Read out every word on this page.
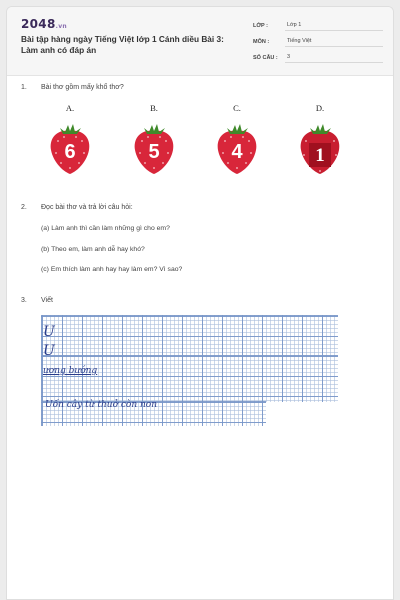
2048.vn
Bài tập hàng ngày Tiếng Việt lớp 1 Cánh diều Bài 3: Làm anh có đáp án
LỚP :	Lớp 1
MÔN :	Tiếng Việt
SỐ CÂU :	3
1. Bài thơ gồm mấy khổ thơ?
A.
6
B.
5
C.
4
D.
1
2. Đọc bài thơ và trả lời câu hỏi:
(a) Làm anh thì cần làm những gì cho em?
(b) Theo em, làm anh dễ hay khó?
(c) Em thích làm anh hay hay làm em? Vì sao?
3. Viết
U
U
ương bướng
Uốn cây từ thuở còn non
